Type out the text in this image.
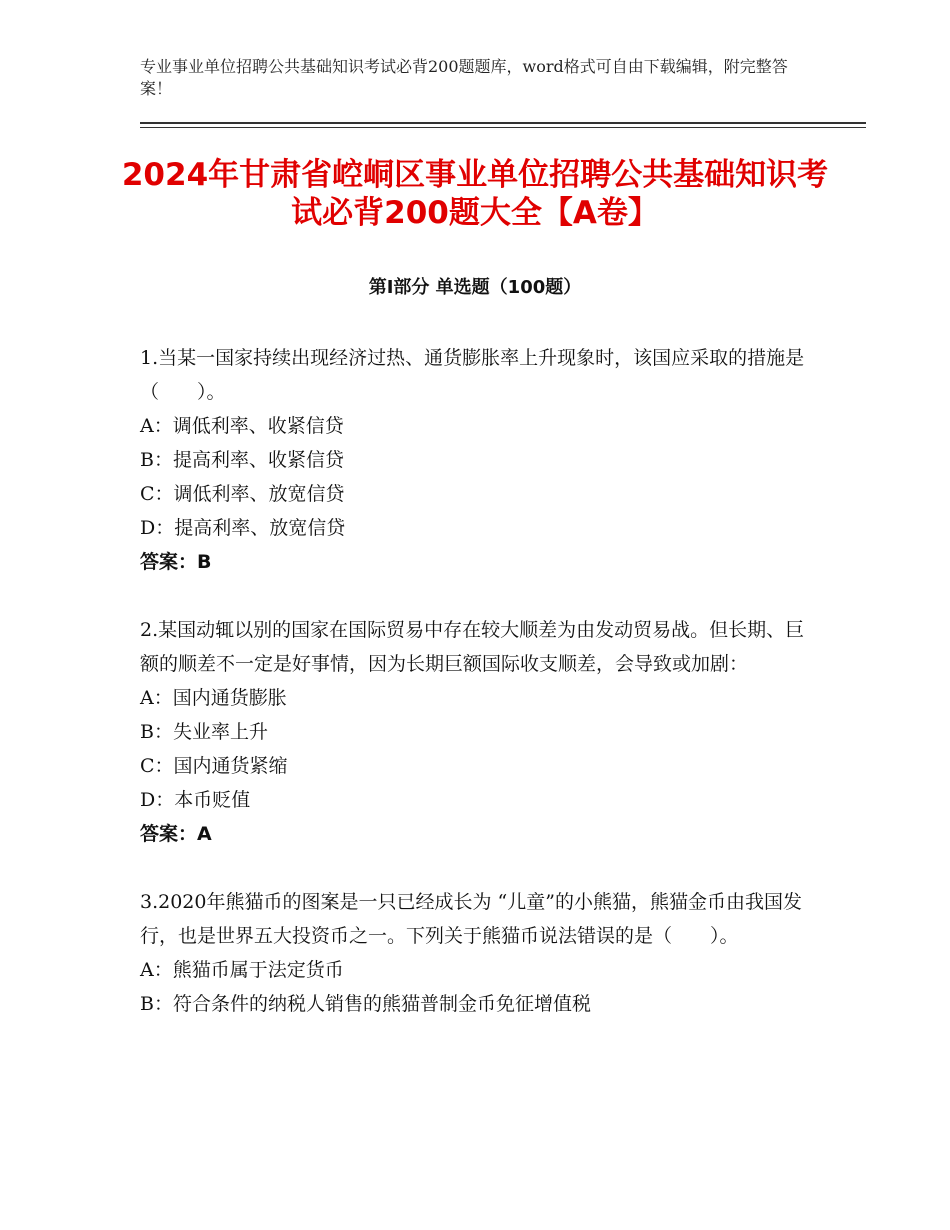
专业事业单位招聘公共基础知识考试必背200题题库，word格式可自由下载编辑，附完整答案！
2024年甘肃省崆峒区事业单位招聘公共基础知识考试必背200题大全【A卷】
第Ⅰ部分 单选题（100题）
1.当某一国家持续出现经济过热、通货膨胀率上升现象时，该国应采取的措施是（　　）。
A：调低利率、收紧信贷
B：提高利率、收紧信贷
C：调低利率、放宽信贷
D：提高利率、放宽信贷
答案：B
2.某国动辄以别的国家在国际贸易中存在较大顺差为由发动贸易战。但长期、巨额的顺差不一定是好事情，因为长期巨额国际收支顺差，会导致或加剧：
A：国内通货膨胀
B：失业率上升
C：国内通货紧缩
D：本币贬值
答案：A
3.2020年熊猫币的图案是一只已经成长为 “儿童”的小熊猫，熊猫金币由我国发行，也是世界五大投资币之一。下列关于熊猫币说法错误的是（　　）。
A：熊猫币属于法定货币
B：符合条件的纳税人销售的熊猫普制金币免征增值税
